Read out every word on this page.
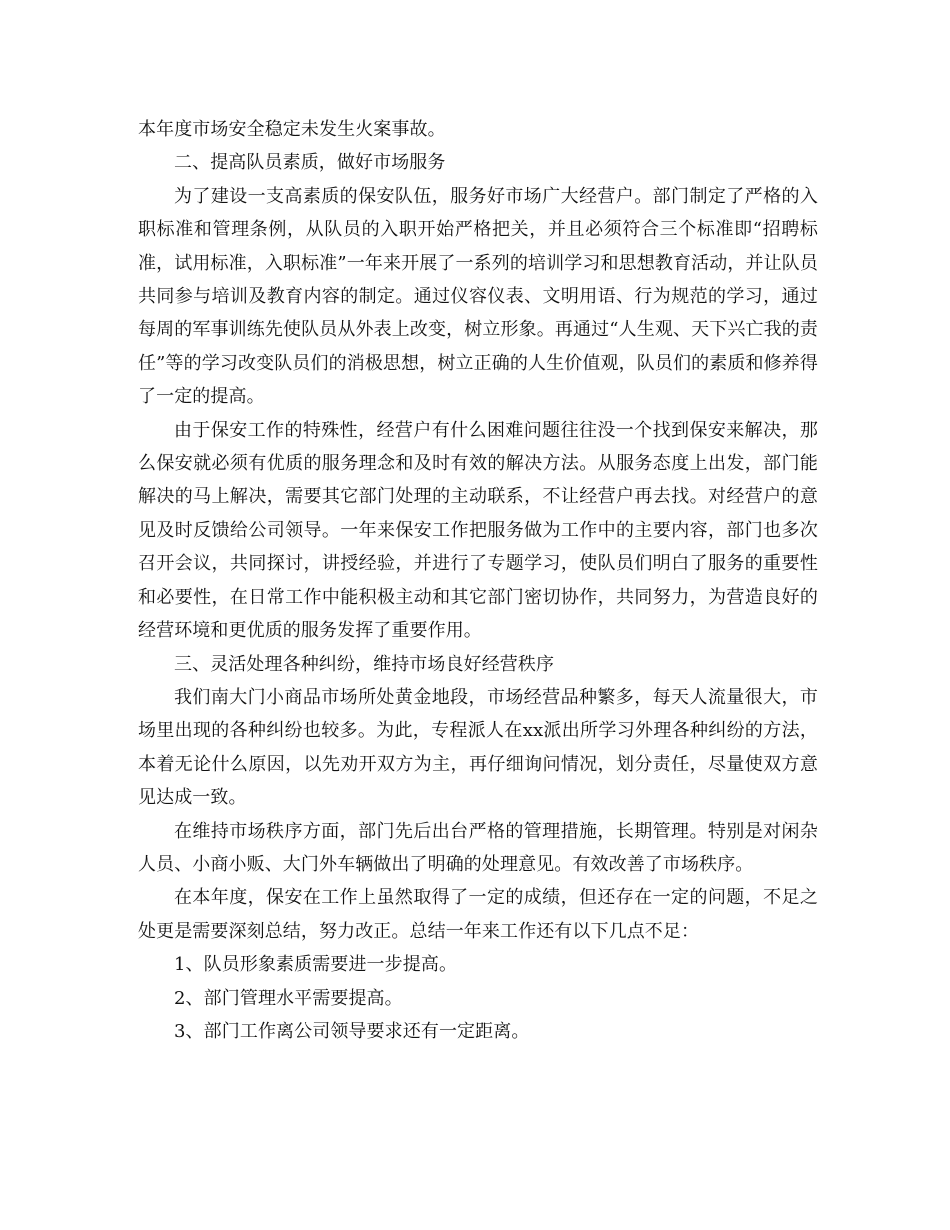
本年度市场安全稳定未发生火案事故。

二、提高队员素质，做好市场服务

为了建设一支高素质的保安队伍，服务好市场广大经营户。部门制定了严格的入职标准和管理条例，从队员的入职开始严格把关，并且必须符合三个标准即“招聘标准，试用标准，入职标准”一年来开展了一系列的培训学习和思想教育活动，并让队员共同参与培训及教育内容的制定。通过仪容仪表、文明用语、行为规范的学习，通过每周的军事训练先使队员从外表上改变，树立形象。再通过“人生观、天下兴亡我的责任”等的学习改变队员们的消极思想，树立正确的人生价值观，队员们的素质和修养得了一定的提高。

由于保安工作的特殊性，经营户有什么困难问题往往没一个找到保安来解决，那么保安就必须有优质的服务理念和及时有效的解决方法。从服务态度上出发，部门能解决的马上解决，需要其它部门处理的主动联系，不让经营户再去找。对经营户的意见及时反馈给公司领导。一年来保安工作把服务做为工作中的主要内容，部门也多次召开会议，共同探讨，讲授经验，并进行了专题学习，使队员们明白了服务的重要性和必要性，在日常工作中能积极主动和其它部门密切协作，共同努力，为营造良好的经营环境和更优质的服务发挥了重要作用。

三、灵活处理各种纠纷，维持市场良好经营秩序

我们南大门小商品市场所处黄金地段，市场经营品种繁多，每天人流量很大，市场里出现的各种纠纷也较多。为此，专程派人在xx派出所学习外理各种纠纷的方法，本着无论什么原因，以先劝开双方为主，再仔细询问情况，划分责任，尽量使双方意见达成一致。

在维持市场秩序方面，部门先后出台严格的管理措施，长期管理。特别是对闲杂人员、小商小贩、大门外车辆做出了明确的处理意见。有效改善了市场秩序。

在本年度，保安在工作上虽然取得了一定的成绩，但还存在一定的问题，不足之处更是需要深刻总结，努力改正。总结一年来工作还有以下几点不足：

1、队员形象素质需要进一步提高。

2、部门管理水平需要提高。

3、部门工作离公司领导要求还有一定距离。
